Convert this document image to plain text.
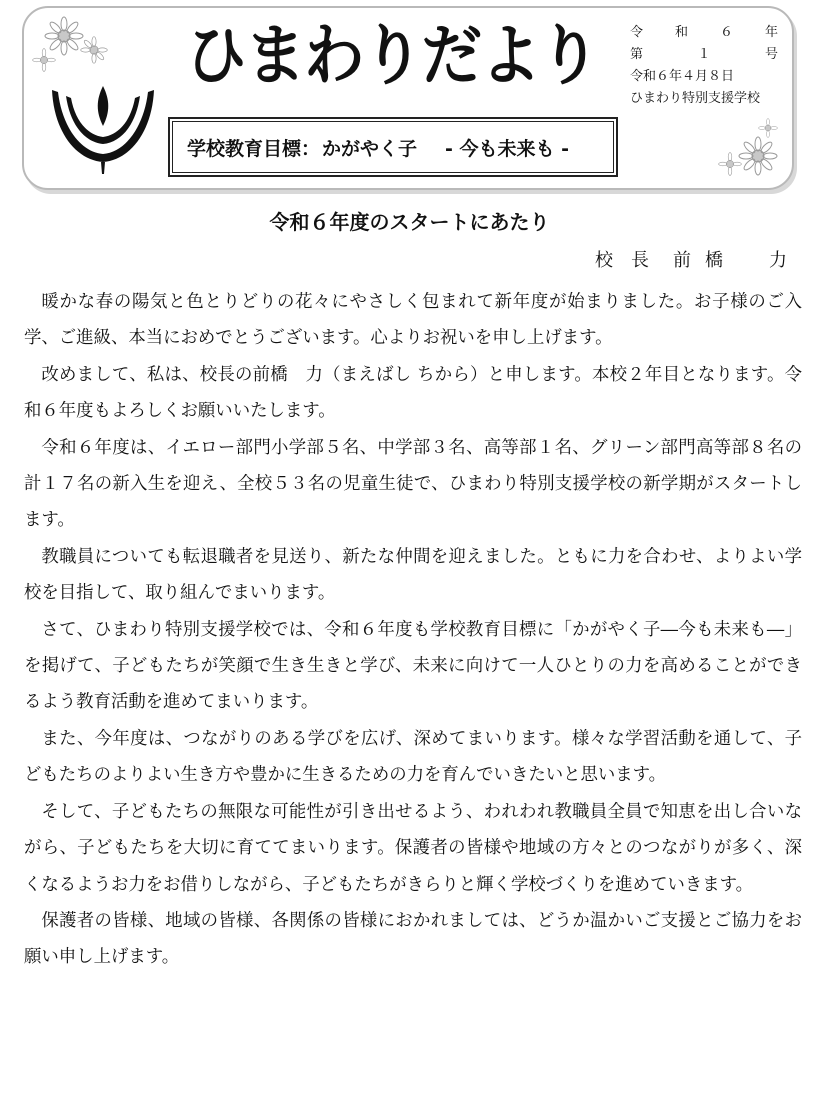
ひまわりだより
学校教育目標： かがやく子 - 今も未来も -
令 和 ６ 年
第	１	号
令和６年４月８日
ひまわり特別支援学校
令和６年度のスタートにあたり
校長 前橋　力

暖かな春の陽気と色とりどりの花々にやさしく包まれて新年度が始まりました。お子様のご入学、ご進級、本当におめでとうございます。心よりお祝いを申し上げます。

改めまして、私は、校長の前橋　力（まえばし ちから）と申します。本校２年目となります。令和６年度もよろしくお願いいたします。

令和６年度は、イエロー部門小学部５名、中学部３名、高等部１名、グリーン部門高等部８名の計１７名の新入生を迎え、全校５３名の児童生徒で、ひまわり特別支援学校の新学期がスタートします。

教職員についても転退職者を見送り、新たな仲間を迎えました。ともに力を合わせ、よりよい学校を目指して、取り組んでまいります。

さて、ひまわり特別支援学校では、令和６年度も学校教育目標に「かがやく子―今も未来も―」を掲げて、子どもたちが笑顔で生き生きと学び、未来に向けて一人ひとりの力を高めることができるよう教育活動を進めてまいります。

また、今年度は、つながりのある学びを広げ、深めてまいります。様々な学習活動を通して、子どもたちのよりよい生き方や豊かに生きるための力を育んでいきたいと思います。

そして、子どもたちの無限な可能性が引き出せるよう、われわれ教職員全員で知恵を出し合いながら、子どもたちを大切に育ててまいります。保護者の皆様や地域の方々とのつながりが多く、深くなるようお力をお借りしながら、子どもたちがきらりと輝く学校づくりを進めていきます。

保護者の皆様、地域の皆様、各関係の皆様におかれましては、どうか温かいご支援とご協力をお願い申し上げます。
